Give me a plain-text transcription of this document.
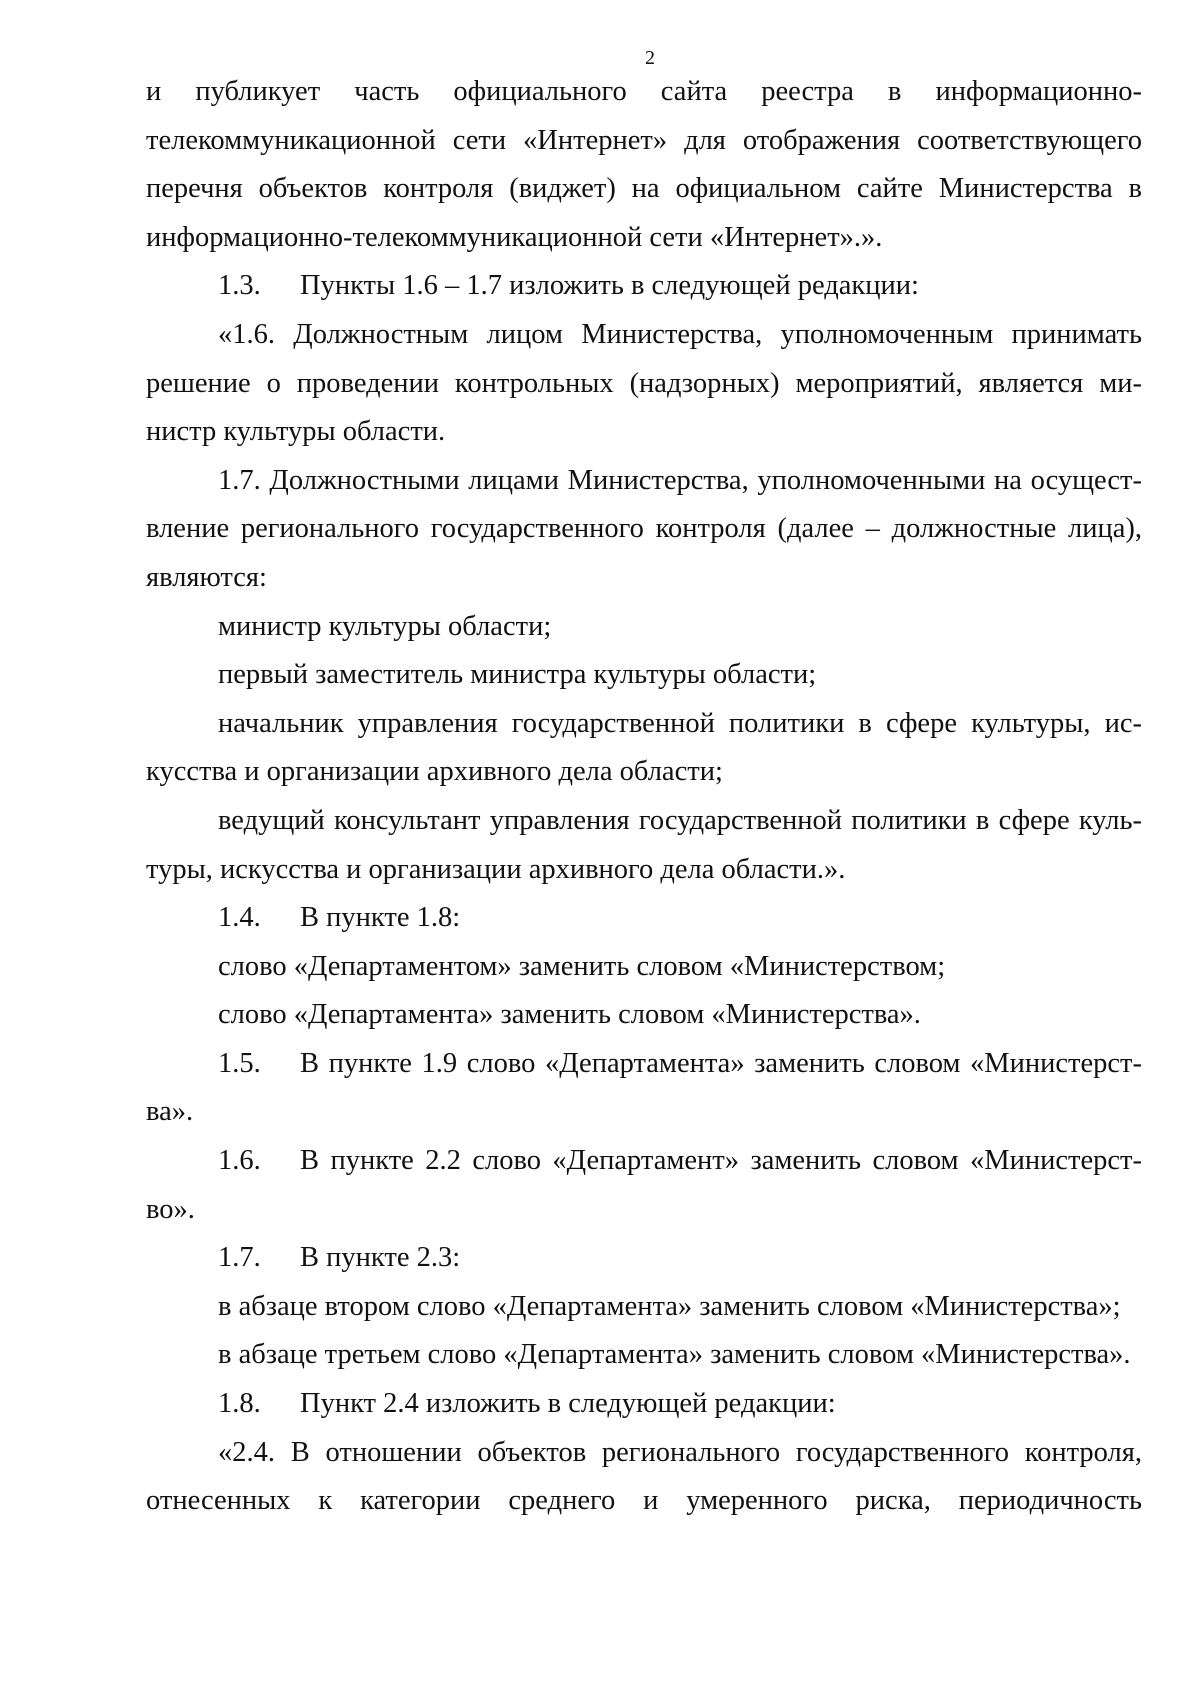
2
и публикует часть официального сайта реестра в информационно-
телекоммуникационной сети «Интернет» для отображения соответствующего
перечня объектов контроля (виджет) на официальном сайте Министерства в
информационно-телекоммуникационной сети «Интернет».».
1.3. Пункты 1.6 – 1.7 изложить в следующей редакции:
«1.6. Должностным лицом Министерства, уполномоченным принимать
решение о проведении контрольных (надзорных) мероприятий, является ми-
нистр культуры области.
1.7. Должностными лицами Министерства, уполномоченными на осущест-
вление регионального государственного контроля (далее – должностные лица),
являются:
министр культуры области;
первый заместитель министра культуры области;
начальник управления государственной политики в сфере культуры, ис-
кусства и организации архивного дела области;
ведущий консультант управления государственной политики в сфере куль-
туры, искусства и организации архивного дела области.».
1.4. В пункте 1.8:
слово «Департаментом» заменить словом «Министерством;
слово «Департамента» заменить словом «Министерства».
1.5. В пункте 1.9 слово «Департамента» заменить словом «Министерст-
ва».
1.6. В пункте 2.2 слово «Департамент» заменить словом «Министерст-
во».
1.7. В пункте 2.3:
в абзаце втором слово «Департамента» заменить словом «Министерства»;
в абзаце третьем слово «Департамента» заменить словом «Министерства».
1.8. Пункт 2.4 изложить в следующей редакции:
«2.4. В отношении объектов регионального государственного контроля,
отнесенных к категории среднего и умеренного риска, периодичность
